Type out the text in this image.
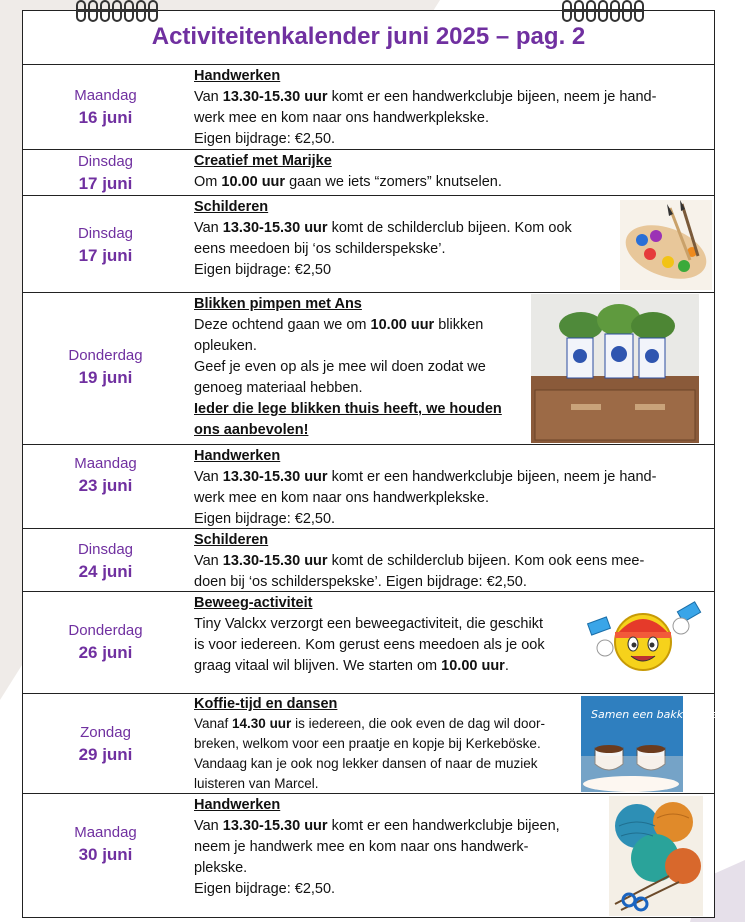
Activiteitenkalender juni 2025 – pag. 2
Maandag
16 juni
Handwerken
Van 13.30-15.30 uur komt er een handwerkclubje bijeen, neem je hand-
werk mee en kom naar ons handwerkplekske.
Eigen bijdrage: €2,50.
Dinsdag
17 juni
Creatief met Marijke
Om 10.00 uur gaan we iets “zomers” knutselen.
Dinsdag
17 juni
Schilderen
Van 13.30-15.30 uur komt de schilderclub bijeen. Kom ook
eens meedoen bij ‘os schilderspekske’.
Eigen bijdrage: €2,50
Donderdag
19 juni
Blikken pimpen met Ans
Deze ochtend gaan we om 10.00 uur blikken
opleuken.
Geef je even op als je mee wil doen zodat we
genoeg materiaal hebben.
Ieder die lege blikken thuis heeft, we houden
ons aanbevolen!
Maandag
23 juni
Handwerken
Van 13.30-15.30 uur komt er een handwerkclubje bijeen, neem je hand-
werk mee en kom naar ons handwerkplekske.
Eigen bijdrage: €2,50.
Dinsdag
24 juni
Schilderen
Van 13.30-15.30 uur komt de schilderclub bijeen. Kom ook eens mee-
doen bij ‘os schilderspekske’. Eigen bijdrage: €2,50.
Donderdag
26 juni
Beweeg-activiteit
Tiny Valckx verzorgt een beweegactiviteit, die geschikt
is voor iedereen. Kom gerust eens meedoen als je ook
graag vitaal wil blijven. We starten om 10.00 uur.
Zondag
29 juni
Koffie-tijd en dansen
Vanaf 14.30 uur is iedereen, die ook even de dag wil door-
breken, welkom voor een praatje en kopje bij Kerkeböske.
Vandaag kan je ook nog lekker dansen of naar de muziek
luisteren van Marcel.
Samen een bakkie doen!
Maandag
30 juni
Handwerken
Van 13.30-15.30 uur komt er een handwerkclubje bijeen,
neem je handwerk mee en kom naar ons handwerk-
plekske.
Eigen bijdrage: €2,50.
